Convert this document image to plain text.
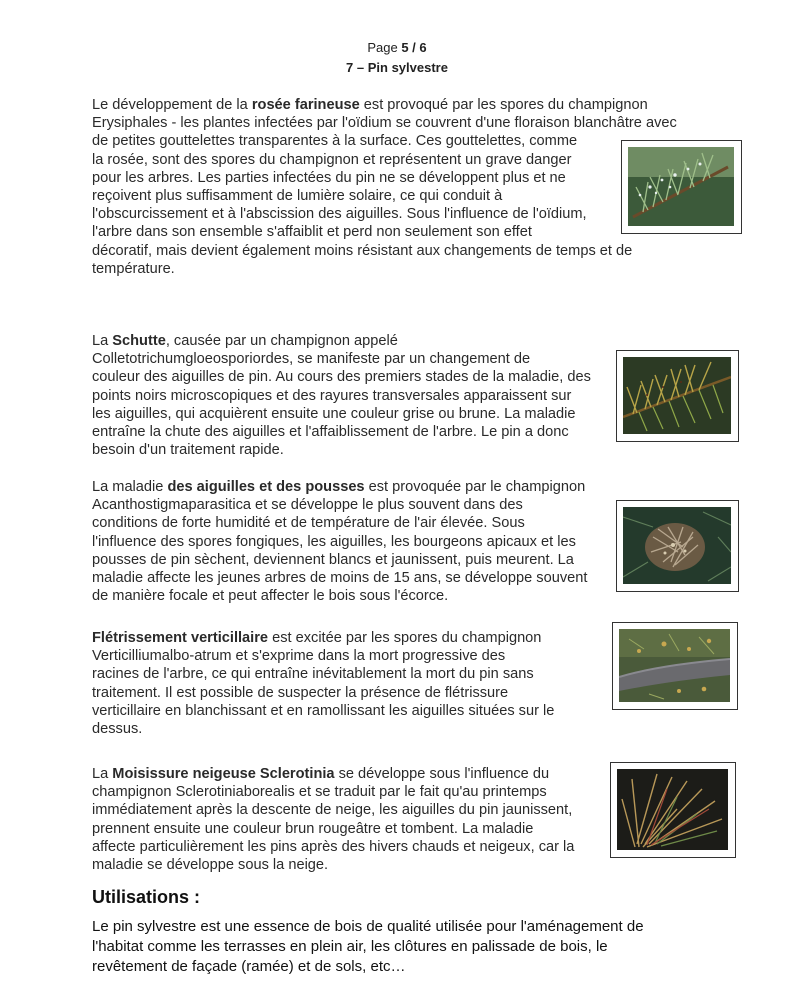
Page 5 / 6
7 – Pin sylvestre
Le développement de la rosée farineuse est provoqué par les spores du champignon
Erysiphales - les plantes infectées par l'oïdium se couvrent d'une floraison blanchâtre avec
de petites gouttelettes transparentes à la surface. Ces gouttelettes, comme
la rosée, sont des spores du champignon et représentent un grave danger
pour les arbres. Les parties infectées du pin ne se développent plus et ne
reçoivent plus suffisamment de lumière solaire, ce qui conduit à
l'obscurcissement et à l'abscission des aiguilles. Sous l'influence de l'oïdium,
l'arbre dans son ensemble s'affaiblit et perd non seulement son effet
décoratif, mais devient également moins résistant aux changements de temps et de
température.
La Schutte, causée par un champignon appelé
Colletotrichumgloeosporiordes, se manifeste par un changement de
couleur des aiguilles de pin. Au cours des premiers stades de la maladie, des
points noirs microscopiques et des rayures transversales apparaissent sur
les aiguilles, qui acquièrent ensuite une couleur grise ou brune. La maladie
entraîne la chute des aiguilles et l'affaiblissement de l'arbre. Le pin a donc
besoin d'un traitement rapide.
La maladie des aiguilles et des pousses est provoquée par le champignon
Acanthostigmaparasitica et se développe le plus souvent dans des
conditions de forte humidité et de température de l'air élevée. Sous
l'influence des spores fongiques, les aiguilles, les bourgeons apicaux et les
pousses de pin sèchent, deviennent blancs et jaunissent, puis meurent. La
maladie affecte les jeunes arbres de moins de 15 ans, se développe souvent
de manière focale et peut affecter le bois sous l'écorce.
Flétrissement verticillaire est excitée par les spores du champignon
Verticilliumalbo-atrum et s'exprime dans la mort progressive des
racines de l'arbre, ce qui entraîne inévitablement la mort du pin sans
traitement. Il est possible de suspecter la présence de flétrissure
verticillaire en blanchissant et en ramollissant les aiguilles situées sur le
dessus.
La Moisissure neigeuse Sclerotinia se développe sous l'influence du
champignon Sclerotiniaborealis et se traduit par le fait qu'au printemps
immédiatement après la descente de neige, les aiguilles du pin jaunissent,
prennent ensuite une couleur brun rougeâtre et tombent. La maladie
affecte particulièrement les pins après des hivers chauds et neigeux, car la
maladie se développe sous la neige.
Utilisations :
Le pin sylvestre est une essence de bois de qualité utilisée pour l'aménagement de
l'habitat comme les terrasses en plein air, les clôtures en palissade de bois, le
revêtement de façade (ramée) et de sols, etc…
